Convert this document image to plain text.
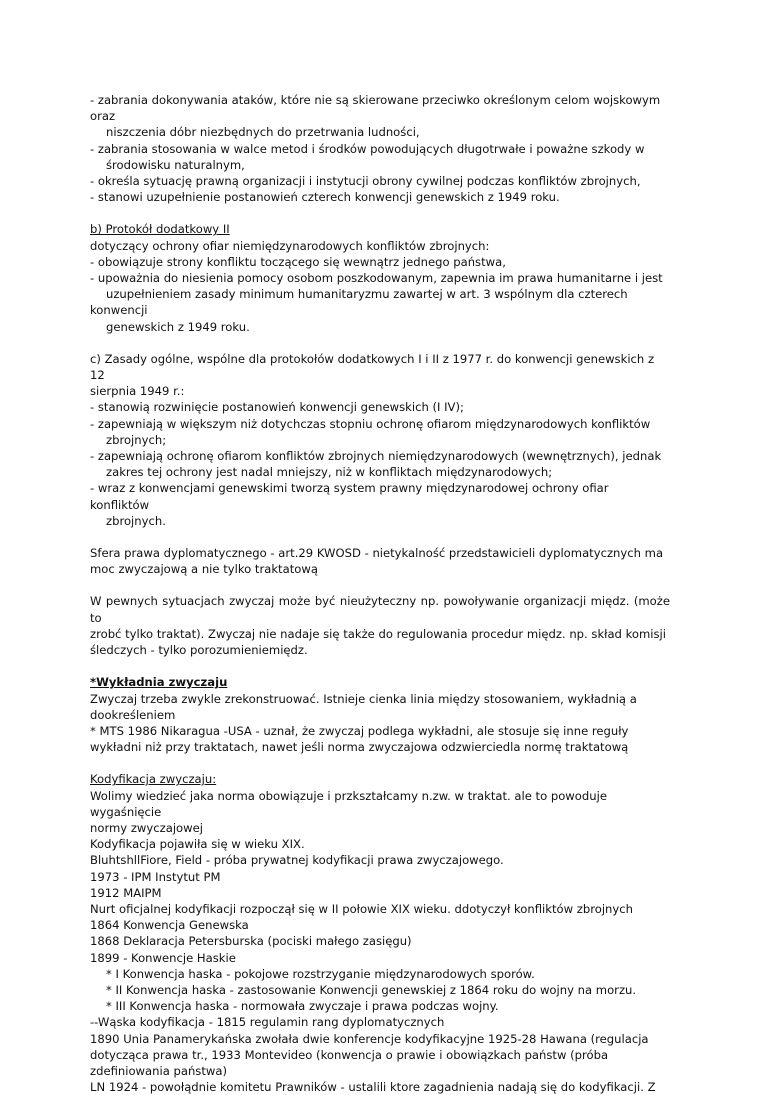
- zabrania dokonywania ataków, które nie są skierowane przeciwko określonym celom wojskowym
oraz
niszczenia dóbr niezbędnych do przetrwania ludności,
- zabrania stosowania w walce metod i środków powodujących długotrwałe i poważne szkody w
środowisku naturalnym,
- określa sytuację prawną organizacji i instytucji obrony cywilnej podczas konfliktów zbrojnych,
- stanowi uzupełnienie postanowień czterech konwencji genewskich z 1949 roku.
b) Protokół dodatkowy II
dotyczący ochrony ofiar niemiędzynarodowych konfliktów zbrojnych:
- obowiązuje strony konfliktu toczącego się wewnątrz jednego państwa,
- upoważnia do niesienia pomocy osobom poszkodowanym, zapewnia im prawa humanitarne i jest
uzupełnieniem zasady minimum humanitaryzmu zawartej w art. 3 wspólnym dla czterech
konwencji
genewskich z 1949 roku.
c) Zasady ogólne, wspólne dla protokołów dodatkowych I i II z 1977 r. do konwencji genewskich z 12
sierpnia 1949 r.:
- stanowią rozwinięcie postanowień konwencji genewskich (I IV);
- zapewniają w większym niż dotychczas stopniu ochronę ofiarom międzynarodowych konfliktów
zbrojnych;
- zapewniają ochronę ofiarom konfliktów zbrojnych niemiędzynarodowych (wewnętrznych), jednak
zakres tej ochrony jest nadal mniejszy, niż w konfliktach międzynarodowych;
- wraz z konwencjami genewskimi tworzą system prawny międzynarodowej ochrony ofiar konfliktów
zbrojnych.
Sfera prawa dyplomatycznego - art.29 KWOSD - nietykalność przedstawicieli dyplomatycznych ma
moc zwyczajową a nie tylko traktatową
W pewnych sytuacjach zwyczaj może być nieużyteczny np. powoływanie organizacji międz. (może to
zrobć tylko traktat). Zwyczaj nie nadaje się także do regulowania procedur międz. np. skład komisji
śledczych - tylko porozumieniemiędz.
*Wykładnia zwyczaju
Zwyczaj trzeba zwykle zrekonstruować. Istnieje cienka linia między stosowaniem, wykładnią a
dookreśleniem
* MTS 1986 Nikaragua -USA - uznał, że zwyczaj podlega wykładni, ale stosuje się inne reguły
wykładni niż przy traktatach, nawet jeśli norma zwyczajowa odzwierciedla normę traktatową
Kodyfikacja zwyczaju:
Wolimy wiedzieć jaka norma obowiązuje i przkształcamy n.zw. w traktat. ale to powoduje wygaśnięcie
normy zwyczajowej
Kodyfikacja pojawiła się w wieku XIX.
BluhtshllFiore, Field - próba prywatnej kodyfikacji prawa zwyczajowego.
1973 - IPM Instytut PM
1912 MAIPM
Nurt oficjalnej kodyfikacji rozpoczął się w II połowie XIX wieku. ddotyczył konfliktów zbrojnych
1864 Konwencja Genewska
1868 Deklaracja Petersburska (pociski małego zasięgu)
1899 - Konwencje Haskie
* I Konwencja haska - pokojowe rozstrzyganie międzynarodowych sporów.
* II Konwencja haska - zastosowanie Konwencji genewskiej z 1864 roku do wojny na morzu.
* III Konwencja haska - normowała zwyczaje i prawa podczas wojny.
--Wąska kodyfikacja - 1815 regulamin rang dyplomatycznych
1890 Unia Panamerykańska zwołała dwie konferencje kodyfikacyjne 1925-28 Hawana (regulacja
dotycząca prawa tr., 1933 Montevideo (konwencja o prawie i obowiązkach państw (próba
zdefiniowania państwa)
LN 1924 - powołądnie komitetu Prawników - ustalili ktore zagadnienia nadają się do kodyfikacji. Z
